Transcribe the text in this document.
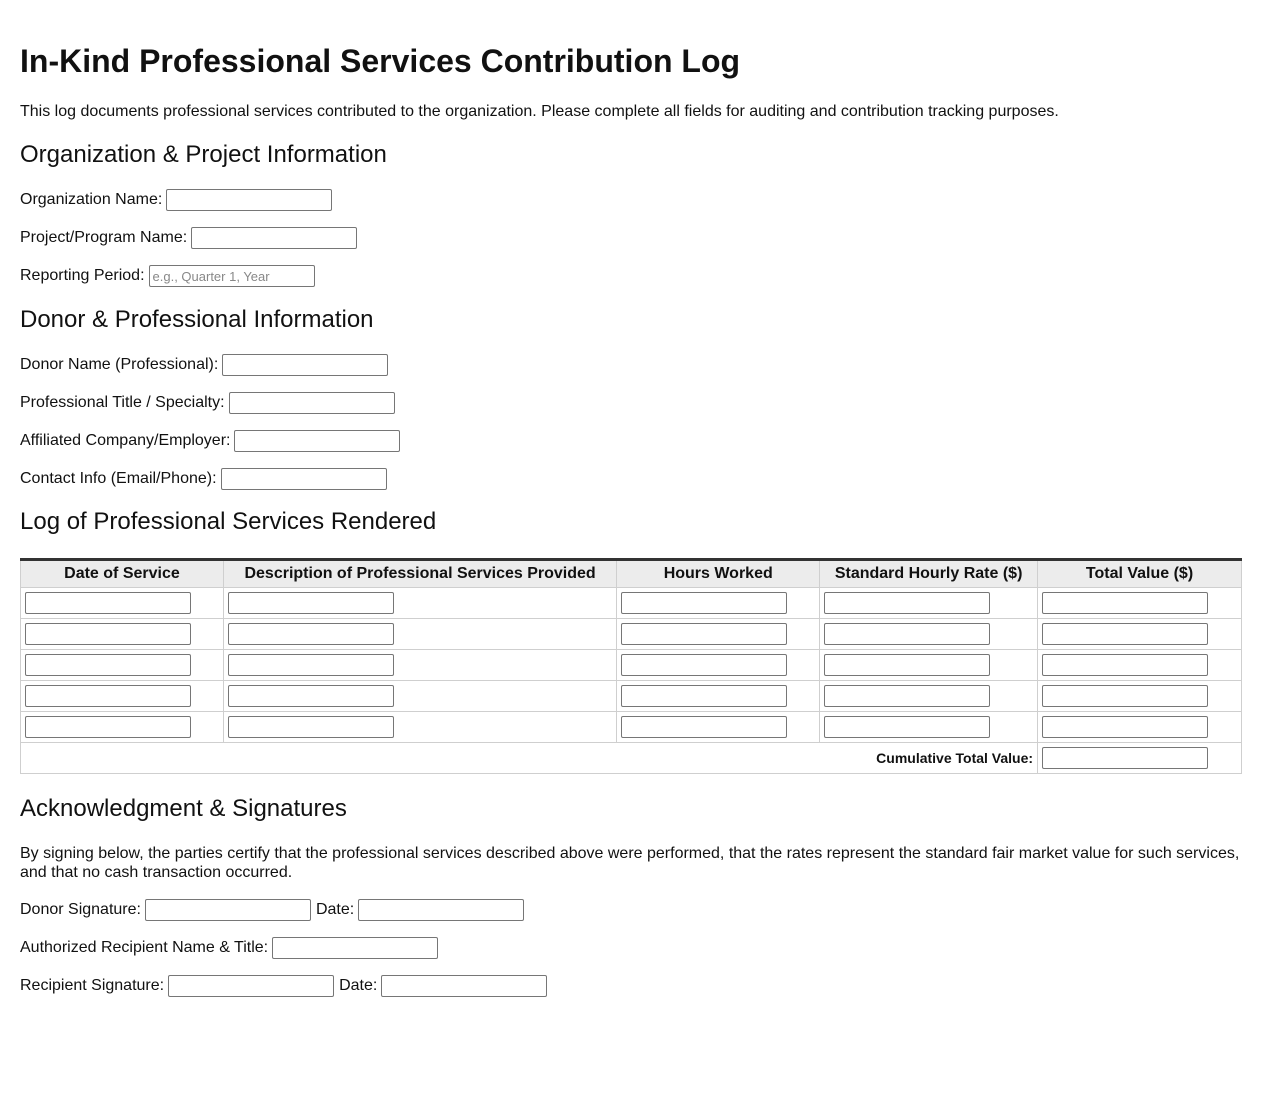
In-Kind Professional Services Contribution Log

This log documents professional services contributed to the organization. Please complete all fields for auditing and contribution tracking purposes.

Organization & Project Information
Organization Name:
Project/Program Name:
Reporting Period:
e.g., Quarter 1, Year
Donor & Professional Information
Donor Name (Professional):
Professional Title / Specialty:
Affiliated Company/Employer:
Contact Info (Email/Phone):
Log of Professional Services Rendered
Date of Service	Description of Professional Services Provided	Hours Worked	Standard Hourly Rate ($)	Total Value ($)

Cumulative Total Value:	
Acknowledgment & Signatures

By signing below, the parties certify that the professional services described above were performed, that the rates represent the standard fair market value for such services, and that no cash transaction occurred.

Donor Signature:	Date:
Authorized Recipient Name & Title:
Recipient Signature:	Date:
